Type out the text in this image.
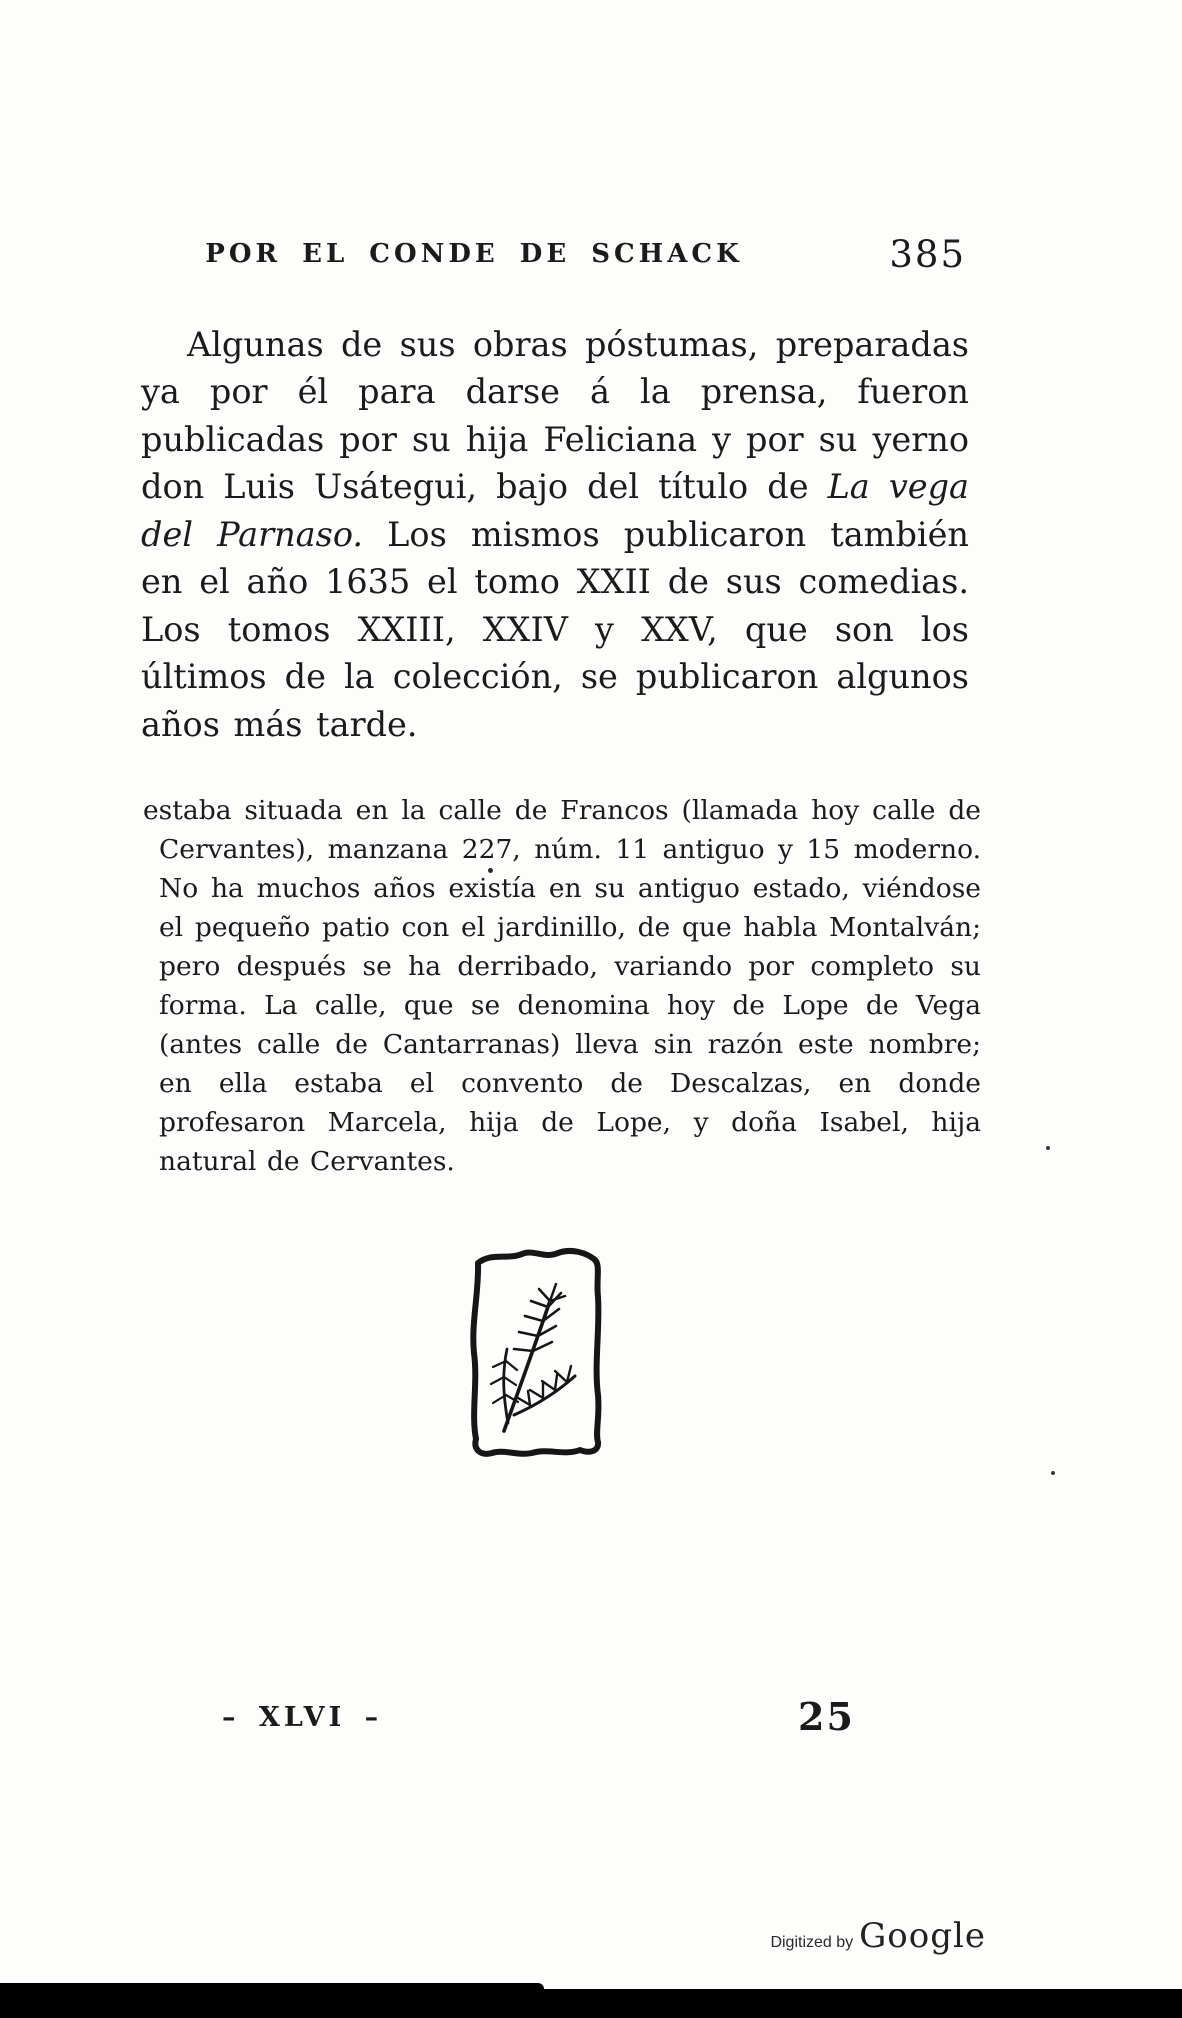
POR EL CONDE DE SCHACK	385

Algunas de sus obras póstumas, preparadas ya por él para darse á la prensa, fueron publicadas por su hija Feliciana y por su yerno don Luis Usátegui, bajo del título de La vega del Parnaso. Los mismos publicaron también en el año 1635 el tomo XXII de sus comedias. Los tomos XXIII, XXIV y XXV, que son los últimos de la colección, se publicaron algunos años más tarde.

estaba situada en la calle de Francos (llamada hoy calle de Cervantes), manzana 227, núm. 11 antiguo y 15 moderno. No ha muchos años existía en su antiguo estado, viéndose el pequeño patio con el jardinillo, de que habla Montalván; pero después se ha derribado, variando por completo su forma. La calle, que se denomina hoy de Lope de Vega (antes calle de Cantarranas) lleva sin razón este nombre; en ella estaba el convento de Descalzas, en donde profesaron Marcela, hija de Lope, y doña Isabel, hija natural de Cervantes.

– XLVI –	25
Digitized by Google
